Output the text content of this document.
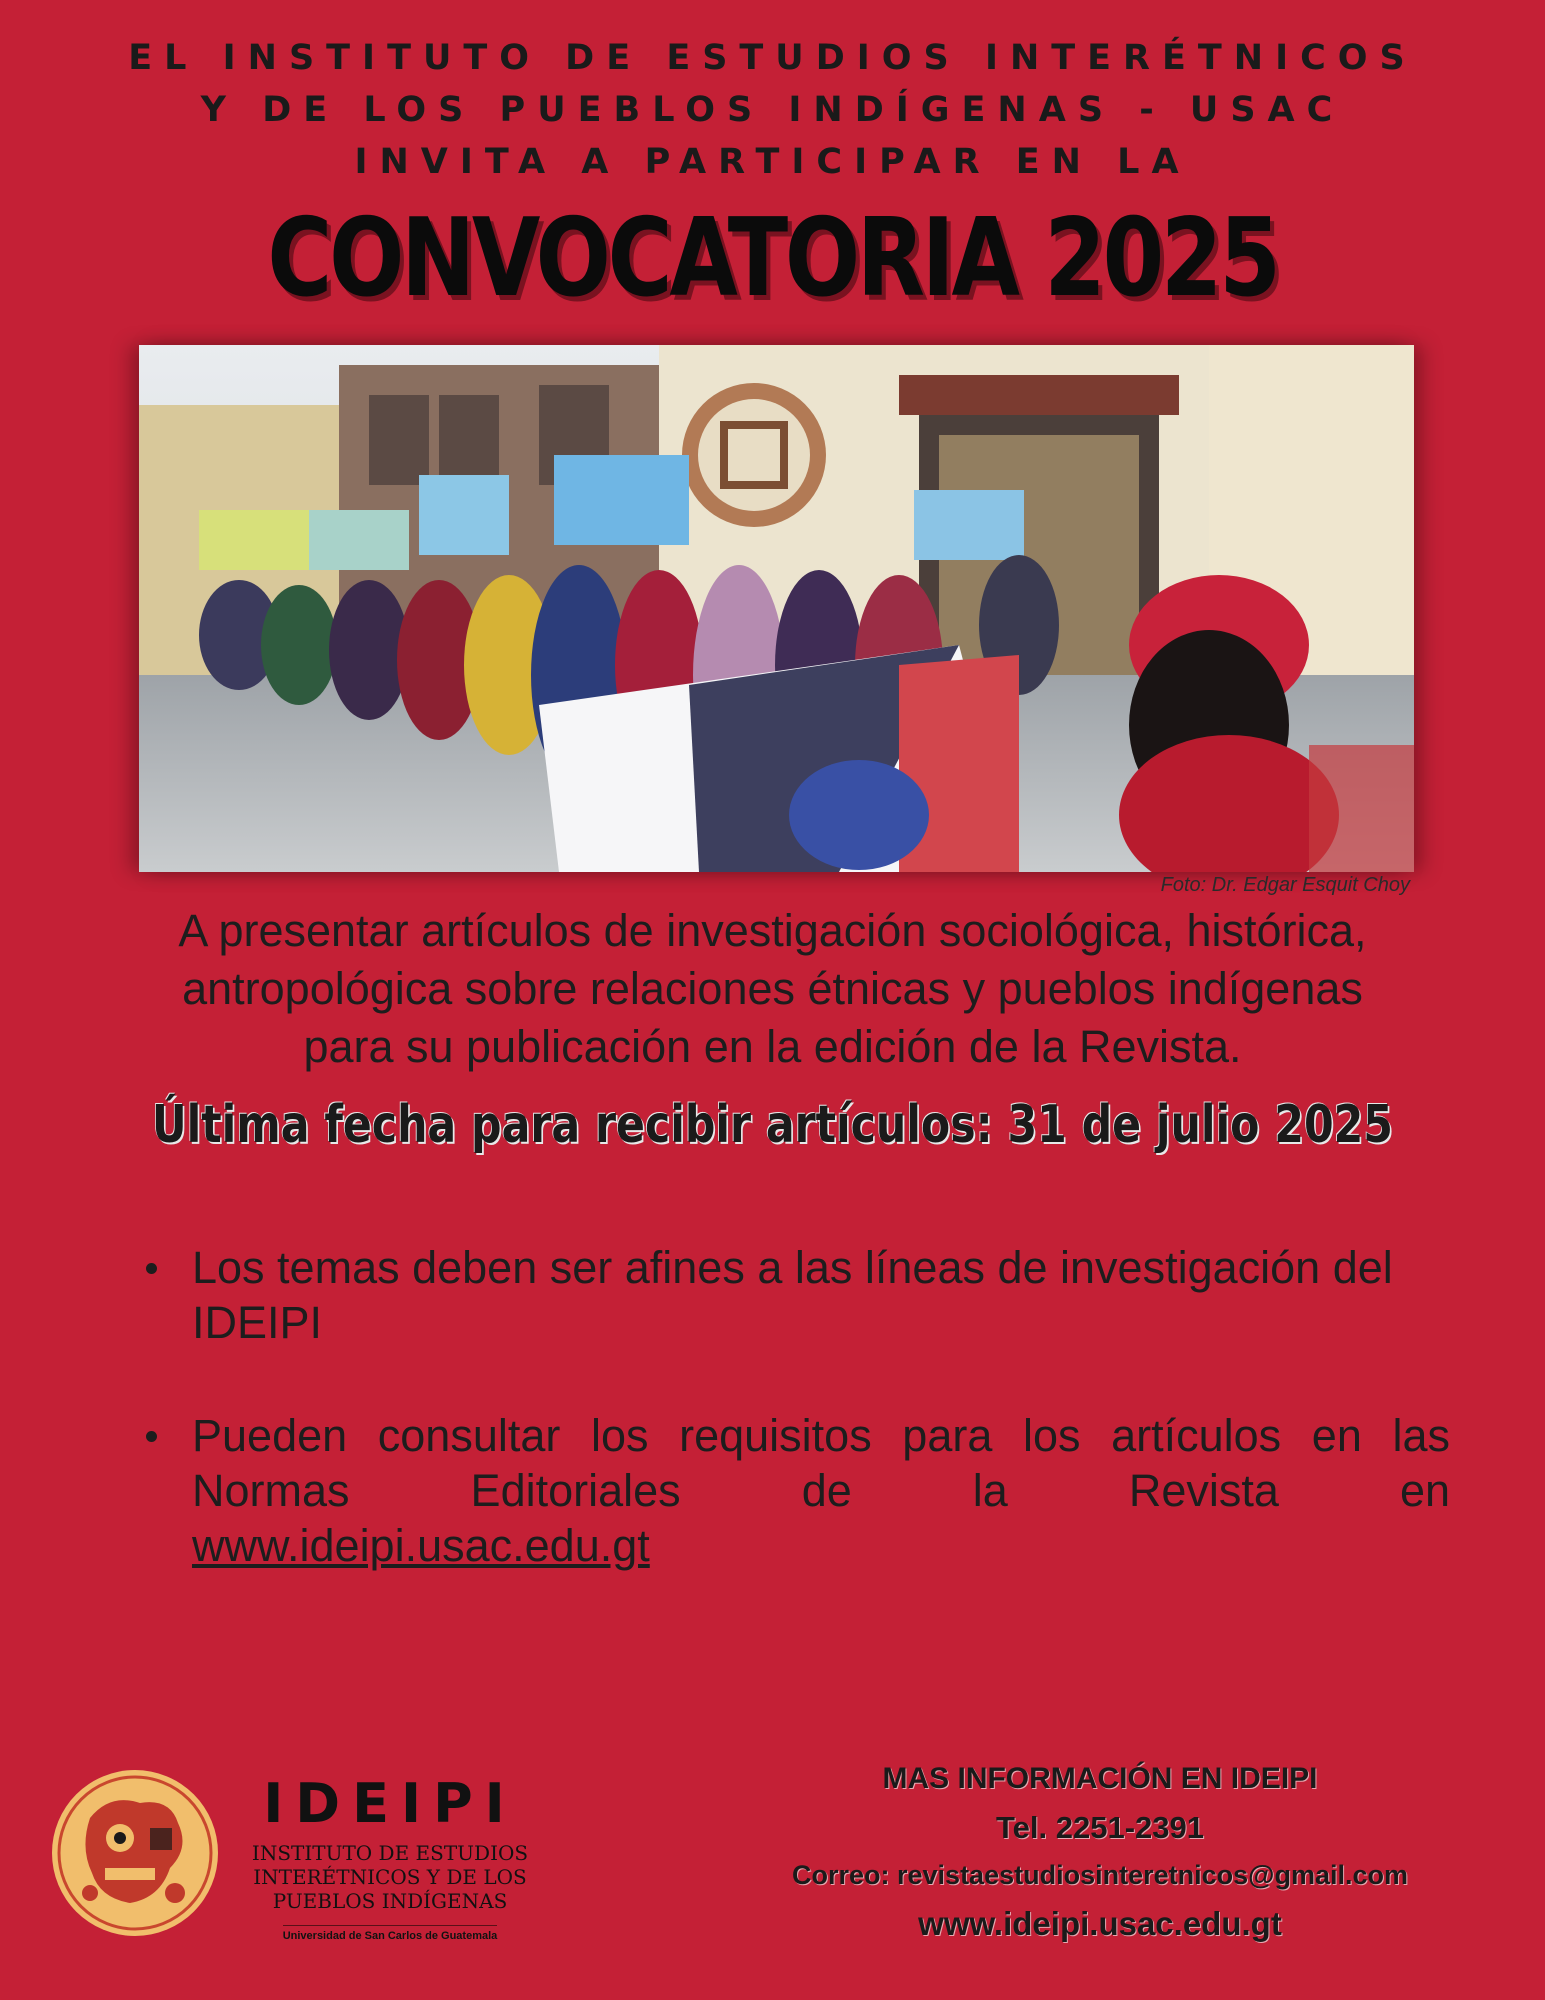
EL INSTITUTO DE ESTUDIOS INTERÉTNICOS
Y DE LOS PUEBLOS INDÍGENAS - USAC
INVITA A PARTICIPAR EN LA
CONVOCATORIA 2025
Foto: Dr. Edgar Esquit Choy
A presentar artículos de investigación sociológica, histórica,
antropológica sobre relaciones étnicas y pueblos indígenas
para su publicación en la edición de la Revista.
Última fecha para recibir artículos: 31 de julio 2025
Los temas deben ser afines a las líneas de investigación del IDEIPI
Pueden consultar los requisitos para los artículos en las
Normas Editoriales de la Revista en
www.ideipi.usac.edu.gt
IDEIPI
INSTITUTO DE ESTUDIOS
INTERÉTNICOS Y DE LOS
PUEBLOS INDÍGENAS
Universidad de San Carlos de Guatemala
MAS INFORMACIÓN EN IDEIPI
Tel. 2251-2391
Correo: revistaestudiosinteretnicos@gmail.com
www.ideipi.usac.edu.gt
